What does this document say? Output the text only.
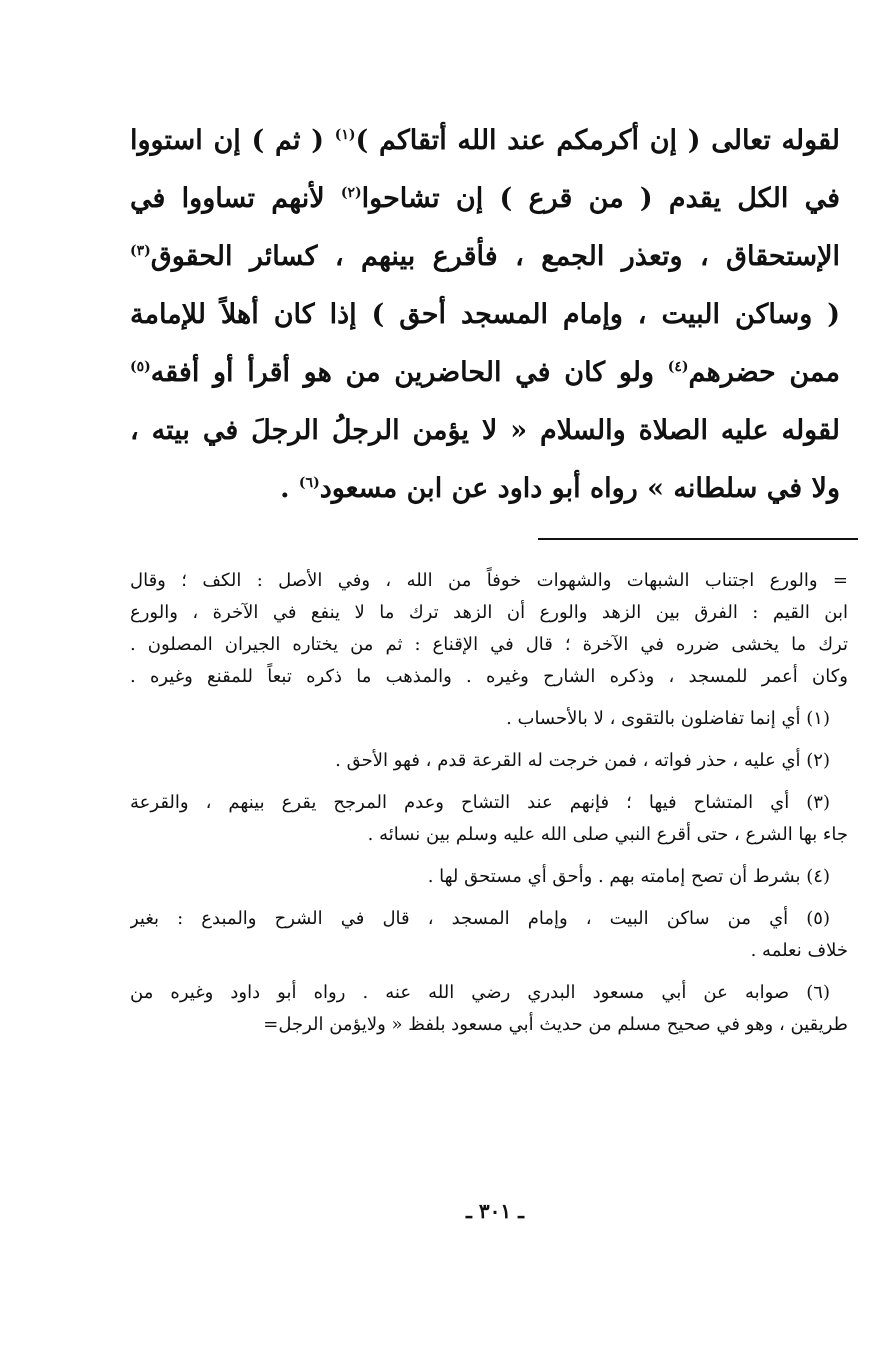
لقوله تعالى ( إن أكرمكم عند الله أتقاكم )$^{(١)}$ ( ثم ) إن استووا
في الكل يقدم ( من قرع ) إن تشاحوا$^{(٢)}$ لأنهم تساووا في
الإستحقاق ، وتعذر الجمع ، فأقرع بينهم ، كسائر الحقوق$^{(٣)}$
( وساكن البيت ، وإمام المسجد أحق ) إذا كان أهلاً للإمامة
ممن حضرهم$^{(٤)}$ ولو كان في الحاضرين من هو أقرأ أو أفقه$^{(٥)}$
لقوله عليه الصلاة والسلام « لا يؤمن الرجلُ الرجلَ في بيته ،
ولا في سلطانه » رواه أبو داود عن ابن مسعود$^{(٦)}$ .
= والورع اجتناب الشبهات والشهوات خوفاً من الله ، وفي الأصل : الكف ؛ وقال
ابن القيم : الفرق بين الزهد والورع أن الزهد ترك ما لا ينفع في الآخرة ، والورع
ترك ما يخشى ضرره في الآخرة ؛ قال في الإقناع : ثم من يختاره الجيران المصلون .
وكان أعمر للمسجد ، وذكره الشارح وغيره . والمذهب ما ذكره تبعاً للمقنع وغيره .
(١) أي إنما تفاضلون بالتقوى ، لا بالأحساب .
(٢) أي عليه ، حذر فواته ، فمن خرجت له القرعة قدم ، فهو الأحق .
(٣) أي المتشاح فيها ؛ فإنهم عند التشاح وعدم المرجح يقرع بينهم ، والقرعة
جاء بها الشرع ، حتى أقرع النبي صلى الله عليه وسلم بين نسائه .
(٤) بشرط أن تصح إمامته بهم . وأحق أي مستحق لها .
(٥) أي من ساكن البيت ، وإمام المسجد ، قال في الشرح والمبدع : بغير
خلاف نعلمه .
(٦) صوابه عن أبي مسعود البدري رضي الله عنه . رواه أبو داود وغيره من
طريقين ، وهو في صحيح مسلم من حديث أبي مسعود بلفظ « ولايؤمن الرجل=
ـ ٣٠١ ـ
